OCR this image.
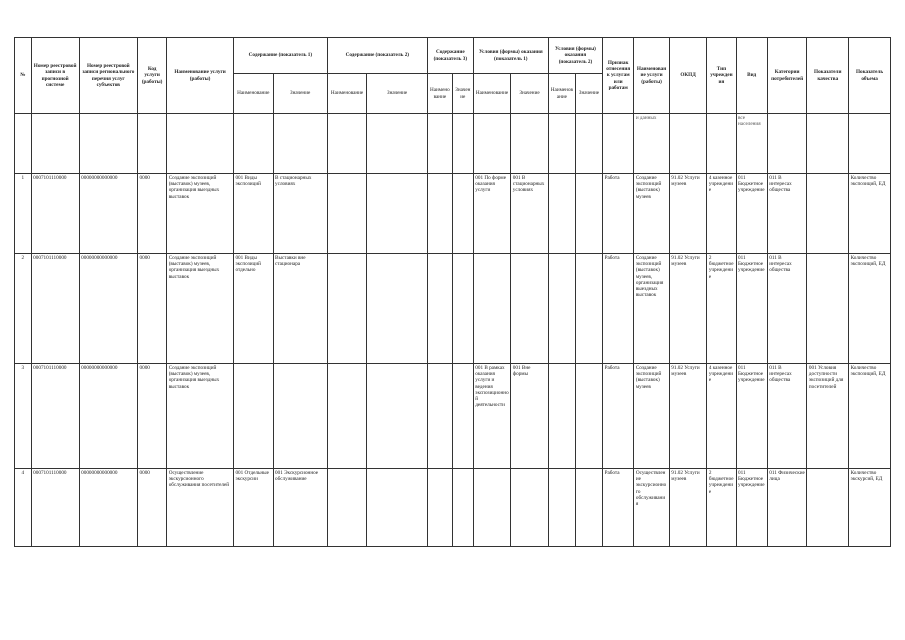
№	Номер реестровой записи в прогнозной системе	Номер реестровой записи регионального перечня услуг субъектов	Код услуги (работы)	Наименование услуги (работы)	Содержание (показатель 1)		Содержание (показатель 2)		Содержание (показатель 3)		Условия (формы) оказания (показатель 1)		Условия (формы) оказания (показатель 2)		Признак отнесения к услугам или работам	Наименование услуги (работы)	ОКПД	Тип учреждения	Вид	Категории потребителей	Показатели качества	Показатель объема
					Наименование	Значение	Наименование	Значение	Наименование	Значение	Наименование	Значение	Наименование	Значение								
																и данных			все населения			
1	0007101110000	00000000000000	0000	Создание экспозиций (выставок) музеев, организация выездных выставок	001 Виды экспозиций	В стационарных условиях					001 По форме оказания услуги	001 В стационарных условиях			Работа	Создание экспозиций (выставок) музеев	91.02 Услуги музеев	4 казенное учреждение	011 Бюджетное учреждение	011 В интересах общества		Количество экспозиций, ЕД
2	0007101110000	00000000000000	0000	Создание экспозиций (выставок) музеев, организация выездных выставок	001 Виды экспозиций отдельно	Выставки вне стационара									Работа	Создание экспозиций (выставок) музеев, организация выездных выставок	91.02 Услуги музеев	2 бюджетное учреждение	011 Бюджетное учреждение	011 В интересах общества		Количество экспозиций, ЕД
3	0007101110000	00000000000000	0000	Создание экспозиций (выставок) музеев, организация выездных выставок							001 В рамках оказания услуги и ведения экспозиционной деятельности	001 Вне формы			Работа	Создание экспозиций (выставок) музеев	91.02 Услуги музеев	4 казенное учреждение	011 Бюджетное учреждение	011 В интересах общества	001 Условия доступности экспозиций для посетителей	Количество экспозиций, ЕД
4	0007101110000	00000000000000	0000	Осуществление экскурсионного обслуживания посетителей	001 Отдельные экскурсии	001 Экскурсионное обслуживание									Работа	Осуществление экскурсионного обслуживания	91.02 Услуги музеев	2 бюджетное учреждение	011 Бюджетное учреждение	011 Физические лица		Количество экскурсий, ЕД
